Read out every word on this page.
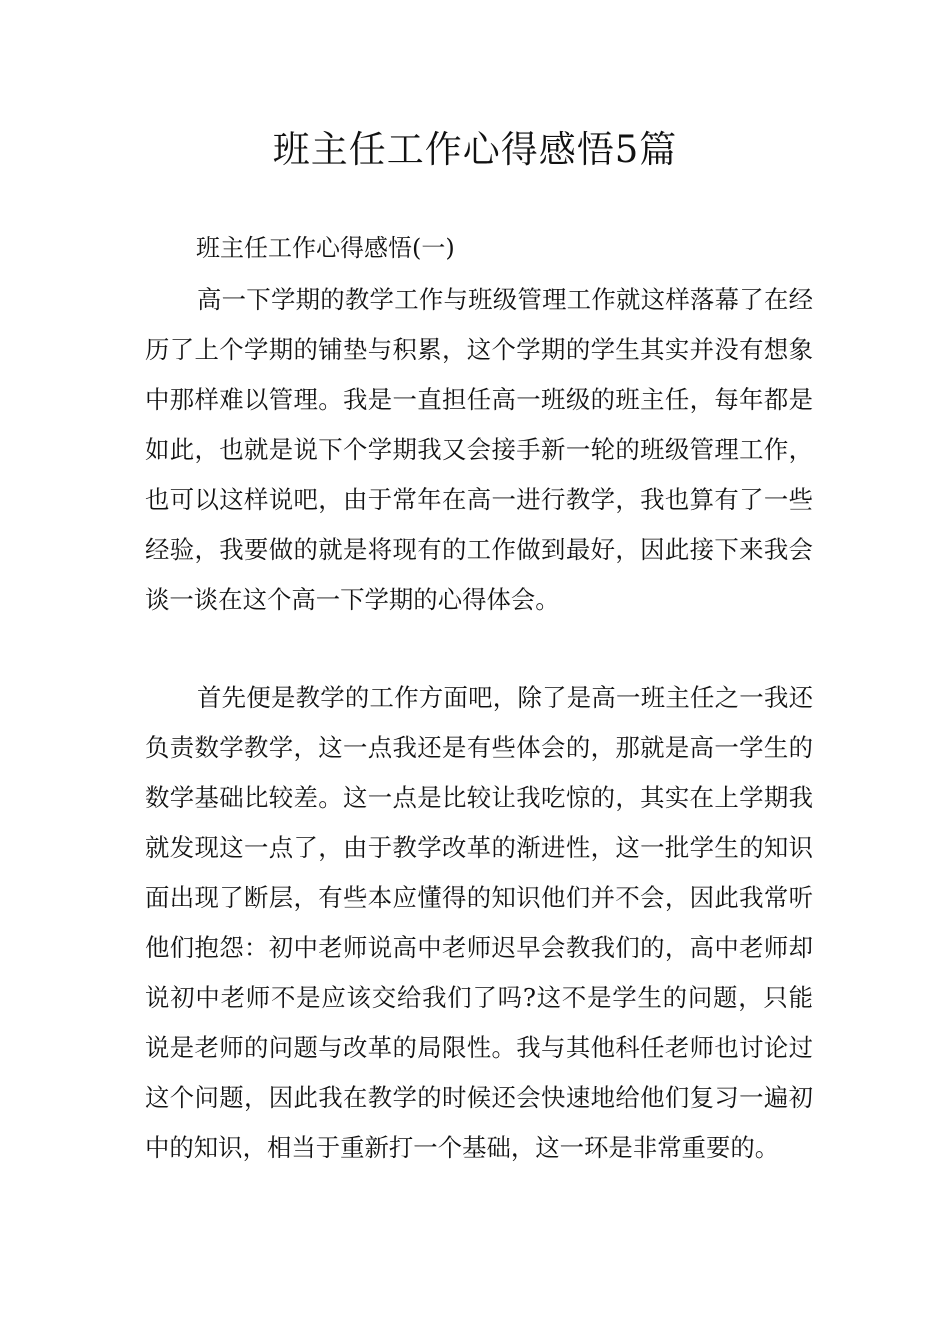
班主任工作心得感悟5篇

班主任工作心得感悟(一)

高一下学期的教学工作与班级管理工作就这样落幕了在经历了上个学期的铺垫与积累，这个学期的学生其实并没有想象中那样难以管理。我是一直担任高一班级的班主任，每年都是如此，也就是说下个学期我又会接手新一轮的班级管理工作，也可以这样说吧，由于常年在高一进行教学，我也算有了一些经验，我要做的就是将现有的工作做到最好，因此接下来我会谈一谈在这个高一下学期的心得体会。

首先便是教学的工作方面吧，除了是高一班主任之一我还负责数学教学，这一点我还是有些体会的，那就是高一学生的数学基础比较差。这一点是比较让我吃惊的，其实在上学期我就发现这一点了，由于教学改革的渐进性，这一批学生的知识面出现了断层，有些本应懂得的知识他们并不会，因此我常听他们抱怨：初中老师说高中老师迟早会教我们的，高中老师却说初中老师不是应该交给我们了吗?这不是学生的问题，只能说是老师的问题与改革的局限性。我与其他科任老师也讨论过这个问题，因此我在教学的时候还会快速地给他们复习一遍初中的知识，相当于重新打一个基础，这一环是非常重要的。
